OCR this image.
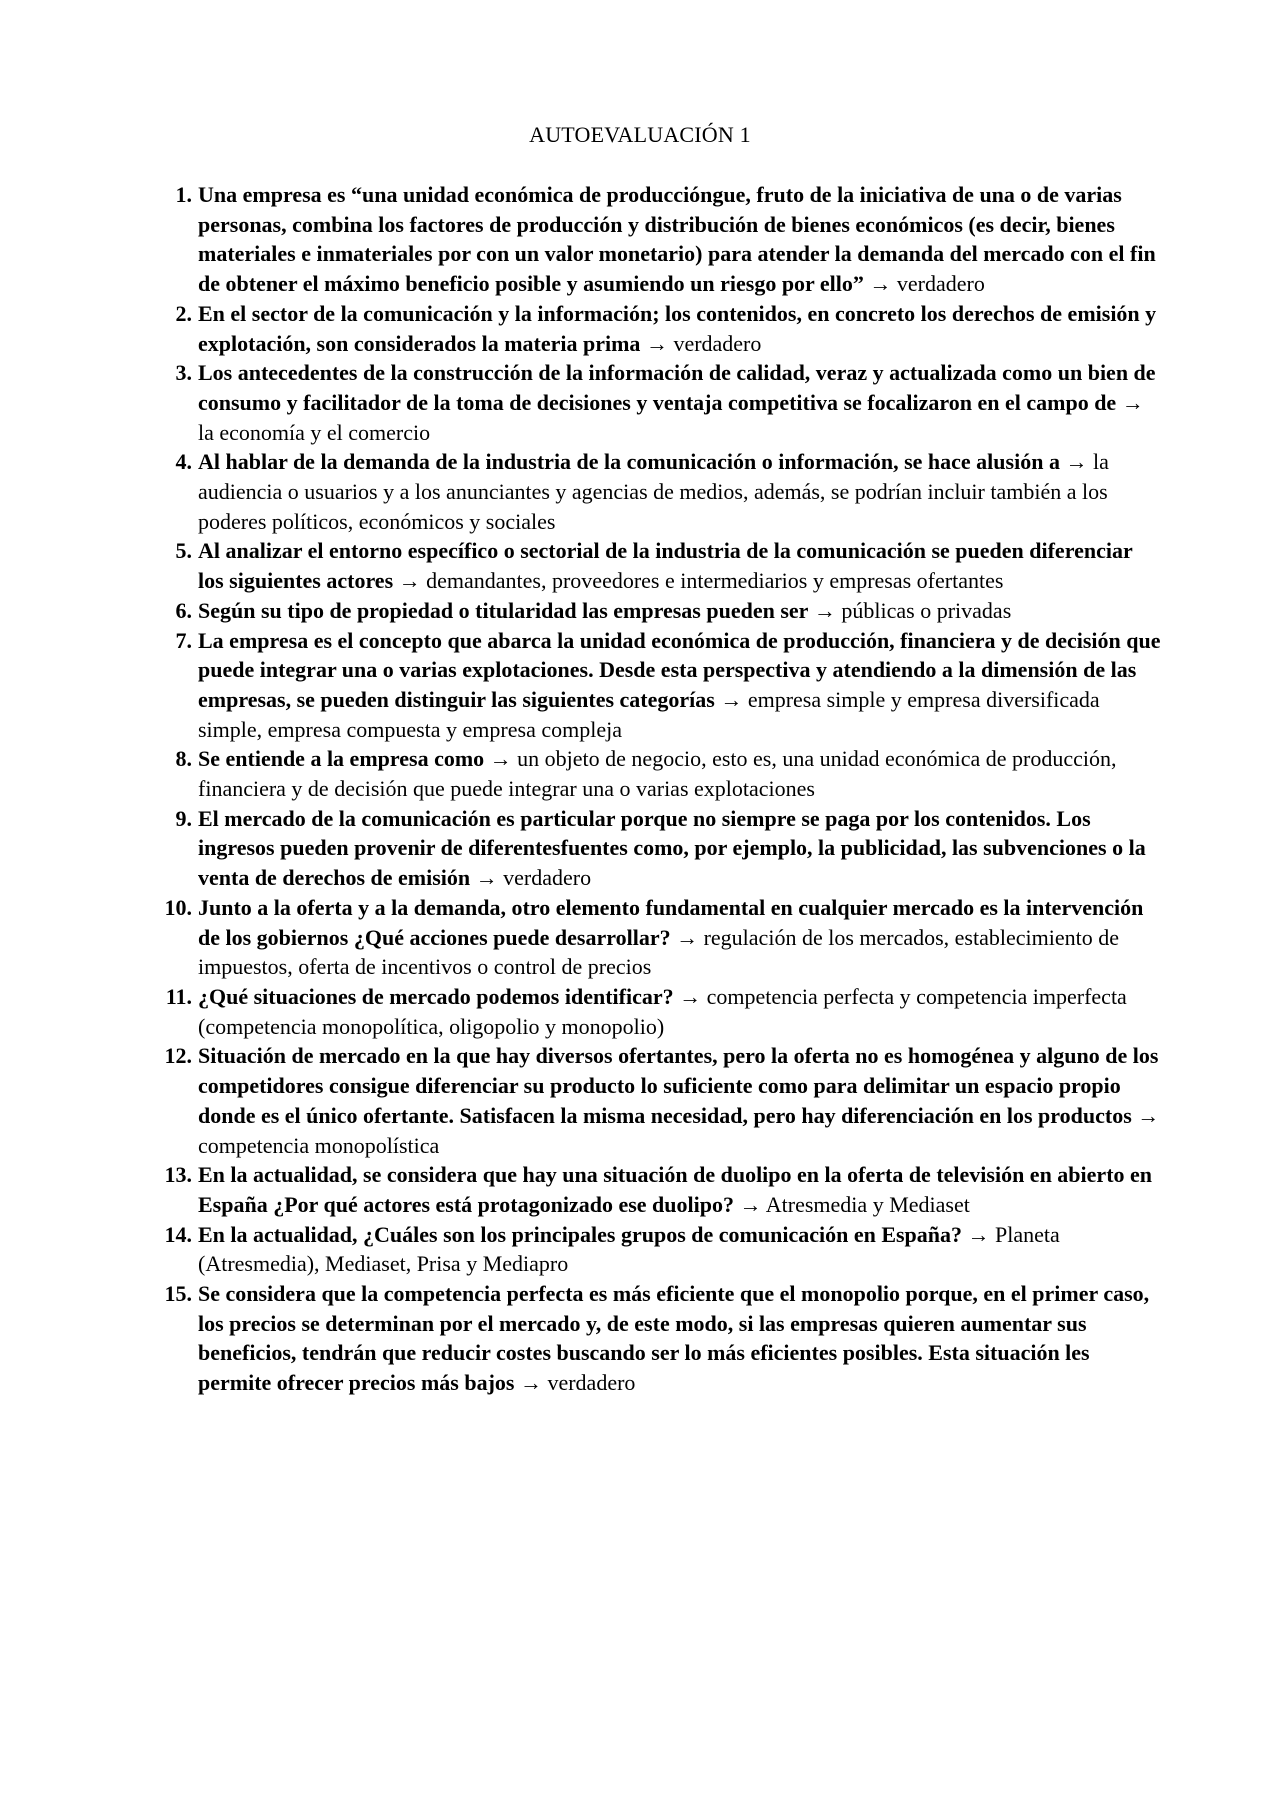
AUTOEVALUACIÓN 1
1. Una empresa es “una unidad económica de produccióngue, fruto de la iniciativa de una o de varias personas, combina los factores de producción y distribución de bienes económicos (es decir, bienes materiales e inmateriales por con un valor monetario) para atender la demanda del mercado con el fin de obtener el máximo beneficio posible y asumiendo un riesgo por ello” → verdadero
2. En el sector de la comunicación y la información; los contenidos, en concreto los derechos de emisión y explotación, son considerados la materia prima → verdadero
3. Los antecedentes de la construcción de la información de calidad, veraz y actualizada como un bien de consumo y facilitador de la toma de decisiones y ventaja competitiva se focalizaron en el campo de → la economía y el comercio
4. Al hablar de la demanda de la industria de la comunicación o información, se hace alusión a → la audiencia o usuarios y a los anunciantes y agencias de medios, además, se podrían incluir también a los poderes políticos, económicos y sociales
5. Al analizar el entorno específico o sectorial de la industria de la comunicación se pueden diferenciar los siguientes actores → demandantes, proveedores e intermediarios y empresas ofertantes
6. Según su tipo de propiedad o titularidad las empresas pueden ser → públicas o privadas
7. La empresa es el concepto que abarca la unidad económica de producción, financiera y de decisión que puede integrar una o varias explotaciones. Desde esta perspectiva y atendiendo a la dimensión de las empresas, se pueden distinguir las siguientes categorías → empresa simple y empresa diversificada simple, empresa compuesta y empresa compleja
8. Se entiende a la empresa como → un objeto de negocio, esto es, una unidad económica de producción, financiera y de decisión que puede integrar una o varias explotaciones
9. El mercado de la comunicación es particular porque no siempre se paga por los contenidos. Los ingresos pueden provenir de diferentesfuentes como, por ejemplo, la publicidad, las subvenciones o la venta de derechos de emisión → verdadero
10. Junto a la oferta y a la demanda, otro elemento fundamental en cualquier mercado es la intervención de los gobiernos ¿Qué acciones puede desarrollar? → regulación de los mercados, establecimiento de impuestos, oferta de incentivos o control de precios
11. ¿Qué situaciones de mercado podemos identificar? → competencia perfecta y competencia imperfecta (competencia monopolítica, oligopolio y monopolio)
12. Situación de mercado en la que hay diversos ofertantes, pero la oferta no es homogénea y alguno de los competidores consigue diferenciar su producto lo suficiente como para delimitar un espacio propio donde es el único ofertante. Satisfacen la misma necesidad, pero hay diferenciación en los productos → competencia monopolística
13. En la actualidad, se considera que hay una situación de duolipo en la oferta de televisión en abierto en España ¿Por qué actores está protagonizado ese duolipo? → Atresmedia y Mediaset
14. En la actualidad, ¿Cuáles son los principales grupos de comunicación en España? → Planeta (Atresmedia), Mediaset, Prisa y Mediapro
15. Se considera que la competencia perfecta es más eficiente que el monopolio porque, en el primer caso, los precios se determinan por el mercado y, de este modo, si las empresas quieren aumentar sus beneficios, tendrán que reducir costes buscando ser lo más eficientes posibles. Esta situación les permite ofrecer precios más bajos → verdadero
